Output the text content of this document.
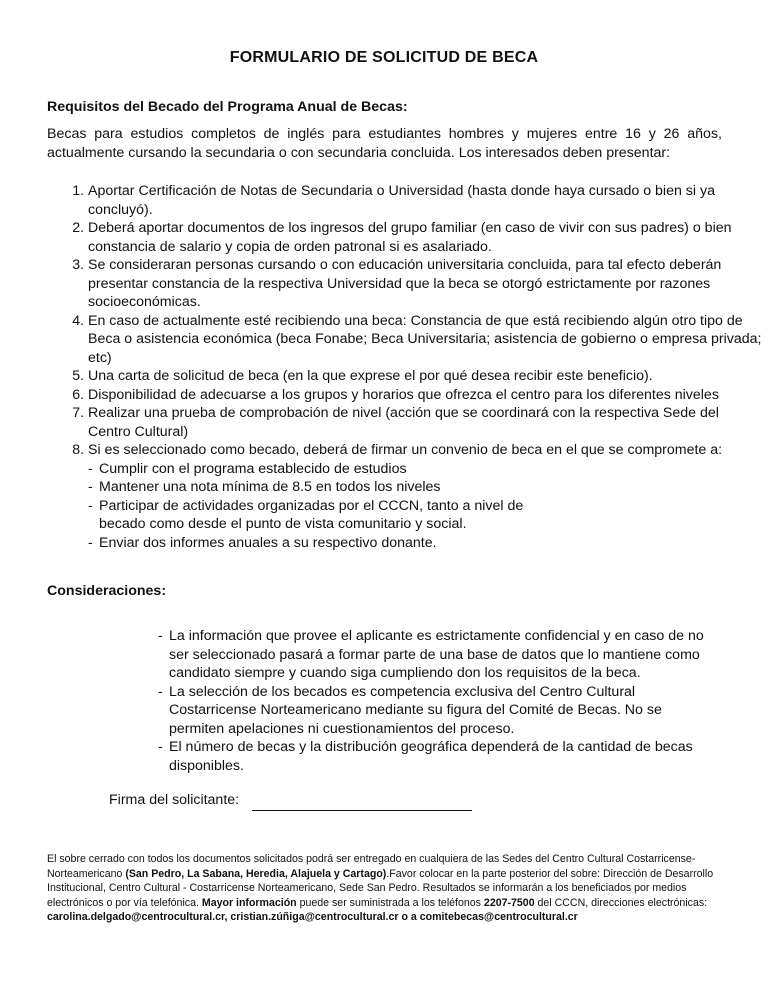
FORMULARIO DE SOLICITUD DE BECA
Requisitos del Becado del Programa Anual de Becas:
Becas para estudios completos de inglés para estudiantes hombres y mujeres entre 16 y 26 años, actualmente cursando la secundaria o con secundaria concluida. Los interesados deben presentar:
1. Aportar Certificación de Notas de Secundaria o Universidad (hasta donde haya cursado o bien si ya concluyó).
2. Deberá aportar documentos de los ingresos del grupo familiar (en caso de vivir con sus padres) o bien constancia de salario y copia de orden patronal si es asalariado.
3. Se consideraran personas cursando o con educación universitaria concluida, para tal efecto deberán presentar constancia de la respectiva Universidad que la beca se otorgó estrictamente por razones socioeconómicas.
4. En caso de actualmente esté recibiendo una beca: Constancia de que está recibiendo algún otro tipo de Beca o asistencia económica (beca Fonabe; Beca Universitaria; asistencia de gobierno o empresa privada; etc)
5. Una carta de solicitud de beca (en la que exprese el por qué desea recibir este beneficio).
6. Disponibilidad de adecuarse a los grupos y horarios que ofrezca el centro para los diferentes niveles
7. Realizar una prueba de comprobación de nivel (acción que se coordinará con la respectiva Sede del Centro Cultural)
8. Si es seleccionado como becado, deberá de firmar un convenio de beca en el que se compromete a:
- Cumplir con el programa establecido de estudios
- Mantener una nota mínima de 8.5 en todos los niveles
- Participar de actividades organizadas por el CCCN, tanto a nivel de becado como desde el punto de vista comunitario y social.
- Enviar dos informes anuales a su respectivo donante.
Consideraciones:
- La información que provee el aplicante es estrictamente confidencial y en caso de no ser seleccionado pasará a formar parte de una base de datos que lo mantiene como candidato siempre y cuando siga cumpliendo don los requisitos de la beca.
- La selección de los becados es competencia exclusiva del Centro Cultural Costarricense Norteamericano mediante su figura del Comité de Becas. No se permiten apelaciones ni cuestionamientos del proceso.
- El número de becas y la distribución geográfica dependerá de la cantidad de becas disponibles.
Firma del solicitante:
El sobre cerrado con todos los documentos solicitados podrá ser entregado en cualquiera de las Sedes del Centro Cultural Costarricense-Norteamericano (San Pedro, La Sabana, Heredia, Alajuela y Cartago).Favor colocar en la parte posterior del sobre: Dirección de Desarrollo Institucional, Centro Cultural - Costarricense Norteamericano, Sede San Pedro. Resultados se informarán a los beneficiados por medios electrónicos o por vía telefónica. Mayor información puede ser suministrada a los teléfonos 2207-7500 del CCCN, direcciones electrónicas: carolina.delgado@centrocultural.cr, cristian.zúñiga@centrocultural.cr o a comitebecas@centrocultural.cr
